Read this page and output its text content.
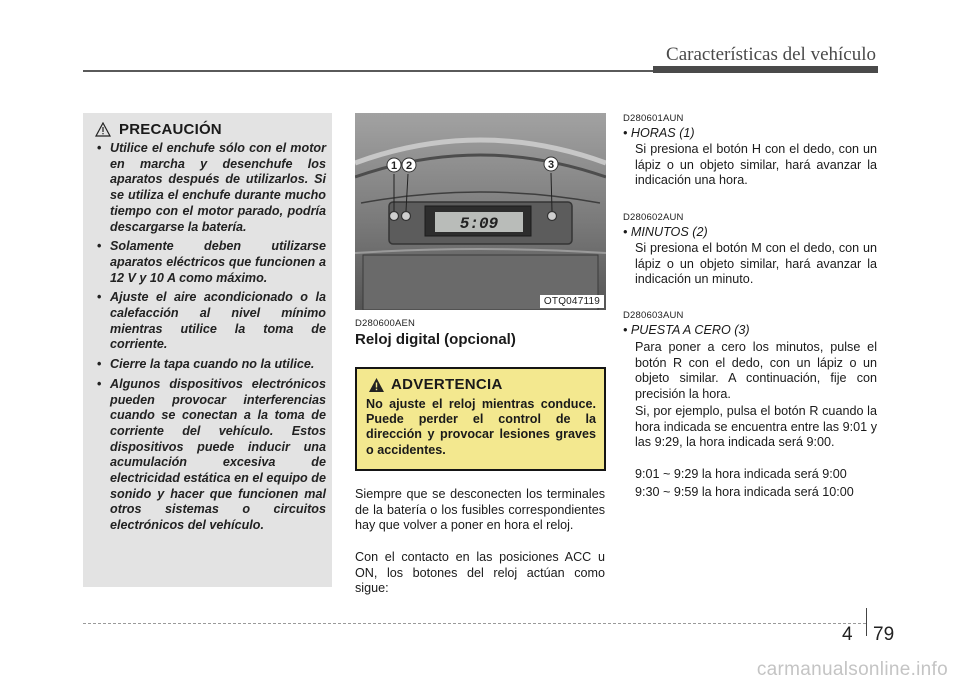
Características del vehículo
PRECAUCIÓN
• Utilice el enchufe sólo con el motor en marcha y desenchufe los aparatos después de utilizarlos. Si se utiliza el enchufe durante mucho tiempo con el motor parado, podría descargarse la batería.
• Solamente deben utilizarse aparatos eléctricos que funcionen a 12 V y 10 A como máximo.
• Ajuste el aire acondicionado o la calefacción al nivel mínimo mientras utilice la toma de corriente.
• Cierre la tapa cuando no la utilice.
• Algunos dispositivos electrónicos pueden provocar interferencias cuando se conectan a la toma de corriente del vehículo. Estos dispositivos puede inducir una acumulación excesiva de electricidad estática en el equipo de sonido y hacer que funcionen mal otros sistemas o circuitos electrónicos del vehículo.
5:09
1 2	3
OTQ047119
D280600AEN
Reloj digital (opcional)
ADVERTENCIA
No ajuste el reloj mientras conduce. Puede perder el control de la dirección y provocar lesiones graves o accidentes.
Siempre que se desconecten los terminales de la batería o los fusibles correspondientes hay que volver a poner en hora el reloj.
Con el contacto en las posiciones ACC u ON, los botones del reloj actúan como sigue:
D280601AUN
• HORAS (1)
Si presiona el botón H con el dedo, con un lápiz o un objeto similar, hará avanzar la indicación una hora.
D280602AUN
• MINUTOS (2)
Si presiona el botón M con el dedo, con un lápiz o un objeto similar, hará avanzar la indicación un minuto.
D280603AUN
• PUESTA A CERO (3)
Para poner a cero los minutos, pulse el botón R con el dedo, con un lápiz o un objeto similar. A continuación, fije con precisión la hora.
Si, por ejemplo, pulsa el botón R cuando la hora indicada se encuentra entre las 9:01 y las 9:29, la hora indicada será 9:00.
9:01 ~ 9:29 la hora indicada será 9:00
9:30 ~ 9:59 la hora indicada será 10:00
4 79
carmanualsonline.info
